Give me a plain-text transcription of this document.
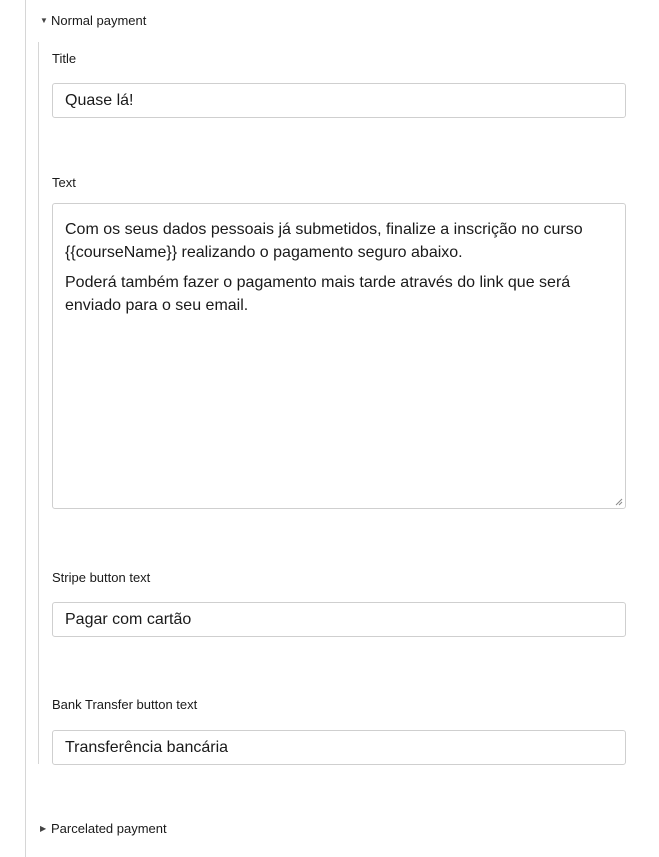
▼ Normal payment
Title
Quase lá!
Text

Com os seus dados pessoais já submetidos, finalize a inscrição no curso {{courseName}} realizando o pagamento seguro abaixo.

Poderá também fazer o pagamento mais tarde através do link que será enviado para o seu email.

Stripe button text
Pagar com cartão
Bank Transfer button text
Transferência bancária
▶ Parcelated payment
